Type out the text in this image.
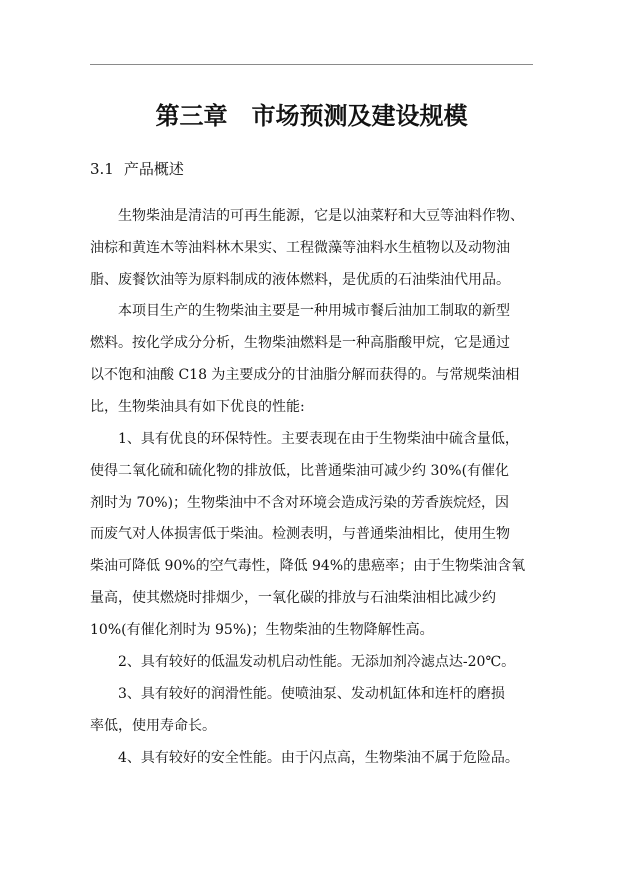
第三章 市场预测及建设规模
3.1 产品概述
生物柴油是清洁的可再生能源，它是以油菜籽和大豆等油料作物、
油棕和黄连木等油料林木果实、工程微藻等油料水生植物以及动物油
脂、废餐饮油等为原料制成的液体燃料，是优质的石油柴油代用品。
本项目生产的生物柴油主要是一种用城市餐后油加工制取的新型
燃料。按化学成分分析，生物柴油燃料是一种高脂酸甲烷，它是通过
以不饱和油酸 C18 为主要成分的甘油脂分解而获得的。与常规柴油相
比，生物柴油具有如下优良的性能:
1、具有优良的环保特性。主要表现在由于生物柴油中硫含量低，
使得二氧化硫和硫化物的排放低，比普通柴油可减少约 30%(有催化
剂时为 70%)；生物柴油中不含对环境会造成污染的芳香族烷烃，因
而废气对人体损害低于柴油。检测表明，与普通柴油相比，使用生物
柴油可降低 90%的空气毒性，降低 94%的患癌率；由于生物柴油含氧
量高，使其燃烧时排烟少，一氧化碳的排放与石油柴油相比减少约
10%(有催化剂时为 95%)；生物柴油的生物降解性高。
2、具有较好的低温发动机启动性能。无添加剂冷滤点达-20℃。
3、具有较好的润滑性能。使喷油泵、发动机缸体和连杆的磨损
率低，使用寿命长。
4、具有较好的安全性能。由于闪点高，生物柴油不属于危险品。
